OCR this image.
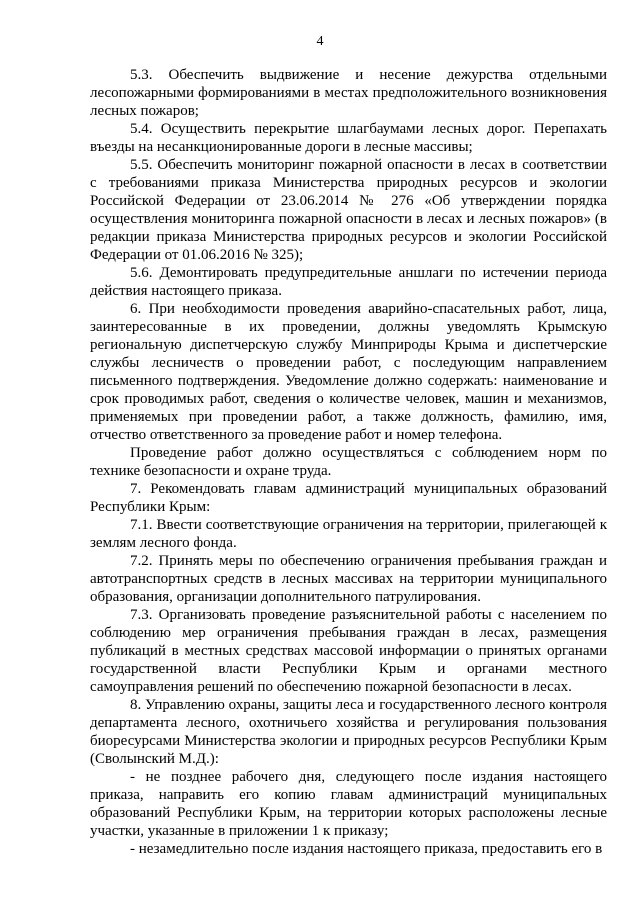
4

5.3. Обеспечить выдвижение и несение дежурства отдельными лесопожарными формированиями в местах предположительного возникновения лесных пожаров;

5.4. Осуществить перекрытие шлагбаумами лесных дорог. Перепахать въезды на несанкционированные дороги в лесные массивы;

5.5. Обеспечить мониторинг пожарной опасности в лесах в соответствии с требованиями приказа Министерства природных ресурсов и экологии Российской Федерации от 23.06.2014 № 276 «Об утверждении порядка осуществления мониторинга пожарной опасности в лесах и лесных пожаров» (в редакции приказа Министерства природных ресурсов и экологии Российской Федерации от 01.06.2016 № 325);

5.6. Демонтировать предупредительные аншлаги по истечении периода действия настоящего приказа.

6. При необходимости проведения аварийно-спасательных работ, лица, заинтересованные в их проведении, должны уведомлять Крымскую региональную диспетчерскую службу Минприроды Крыма и диспетчерские службы лесничеств о проведении работ, с последующим направлением письменного подтверждения. Уведомление должно содержать: наименование и срок проводимых работ, сведения о количестве человек, машин и механизмов, применяемых при проведении работ, а также должность, фамилию, имя, отчество ответственного за проведение работ и номер телефона.

Проведение работ должно осуществляться с соблюдением норм по технике безопасности и охране труда.

7. Рекомендовать главам администраций муниципальных образований Республики Крым:

7.1. Ввести соответствующие ограничения на территории, прилегающей к землям лесного фонда.

7.2. Принять меры по обеспечению ограничения пребывания граждан и автотранспортных средств в лесных массивах на территории муниципального образования, организации дополнительного патрулирования.

7.3. Организовать проведение разъяснительной работы с населением по соблюдению мер ограничения пребывания граждан в лесах, размещения публикаций в местных средствах массовой информации о принятых органами государственной власти Республики Крым и органами местного самоуправления решений по обеспечению пожарной безопасности в лесах.

8. Управлению охраны, защиты леса и государственного лесного контроля департамента лесного, охотничьего хозяйства и регулирования пользования биоресурсами Министерства экологии и природных ресурсов Республики Крым (Сволынский М.Д.):

- не позднее рабочего дня, следующего после издания настоящего приказа, направить его копию главам администраций муниципальных образований Республики Крым, на территории которых расположены лесные участки, указанные в приложении 1 к приказу;

- незамедлительно после издания настоящего приказа, предоставить его в
